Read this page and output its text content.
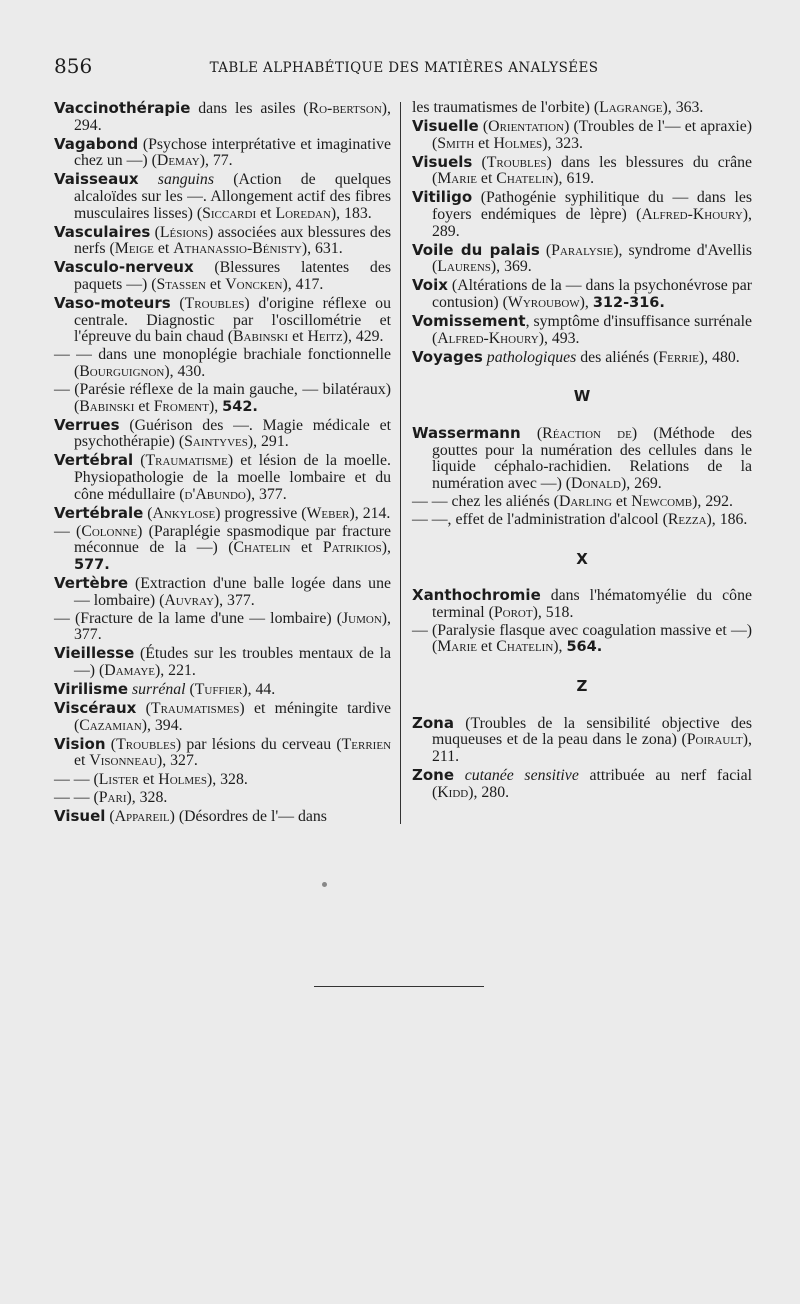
856	TABLE ALPHABÉTIQUE DES MATIÈRES ANALYSÉES
Vaccinothérapie dans les asiles (Ro-bertson), 294.
Vagabond (Psychose interprétative et imaginative chez un —) (Demay), 77.
Vaisseaux sanguins (Action de quelques alcaloïdes sur les —. Allongement actif des fibres musculaires lisses) (Siccardi et Loredan), 183.
Vasculaires (Lésions) associées aux blessures des nerfs (Meige et Athanassio-Bénisty), 631.
Vasculo-nerveux (Blessures latentes des paquets —) (Stassen et Voncken), 417.
Vaso-moteurs (Troubles) d'origine réflexe ou centrale. Diagnostic par l'oscillométrie et l'épreuve du bain chaud (Babinski et Heitz), 429.
— — dans une monoplégie brachiale fonctionnelle (Bourguignon), 430.
— (Parésie réflexe de la main gauche, — bilatéraux) (Babinski et Froment), 542.
Verrues (Guérison des —. Magie médicale et psychothérapie) (Saintyves), 291.
Vertébral (Traumatisme) et lésion de la moelle. Physiopathologie de la moelle lombaire et du cône médullaire (d'Abundo), 377.
Vertébrale (Ankylose) progressive (Weber), 214.
— (Colonne) (Paraplégie spasmodique par fracture méconnue de la —) (Chatelin et Patrikios), 577.
Vertèbre (Extraction d'une balle logée dans une — lombaire) (Auvray), 377.
— (Fracture de la lame d'une — lombaire) (Jumon), 377.
Vieillesse (Études sur les troubles mentaux de la —) (Damaye), 221.
Virilisme surrénal (Tuffier), 44.
Viscéraux (Traumatismes) et méningite tardive (Cazamian), 394.
Vision (Troubles) par lésions du cerveau (Terrien et Visonneau), 327.
— — (Lister et Holmes), 328.
— — (Pari), 328.
Visuel (Appareil) (Désordres de l'— dans
les traumatismes de l'orbite) (Lagrange), 363.
Visuelle (Orientation) (Troubles de l'— et apraxie) (Smith et Holmes), 323.
Visuels (Troubles) dans les blessures du crâne (Marie et Chatelin), 619.
Vitiligo (Pathogénie syphilitique du — dans les foyers endémiques de lèpre) (Alfred-Khoury), 289.
Voile du palais (Paralysie), syndrome d'Avellis (Laurens), 369.
Voix (Altérations de la — dans la psychonévrose par contusion) (Wyroubow), 312-316.
Vomissement, symptôme d'insuffisance surrénale (Alfred-Khoury), 493.
Voyages pathologiques des aliénés (Ferrie), 480.
W
Wassermann (Réaction de) (Méthode des gouttes pour la numération des cellules dans le liquide céphalo-rachidien. Relations de la numération avec —) (Donald), 269.
— — chez les aliénés (Darling et Newcomb), 292.
— —, effet de l'administration d'alcool (Rezza), 186.
X
Xanthochromie dans l'hématomyélie du cône terminal (Porot), 518.
— (Paralysie flasque avec coagulation massive et —) (Marie et Chatelin), 564.
Z
Zona (Troubles de la sensibilité objective des muqueuses et de la peau dans le zona) (Poirault), 211.
Zone cutanée sensitive attribuée au nerf facial (Kidd), 280.
